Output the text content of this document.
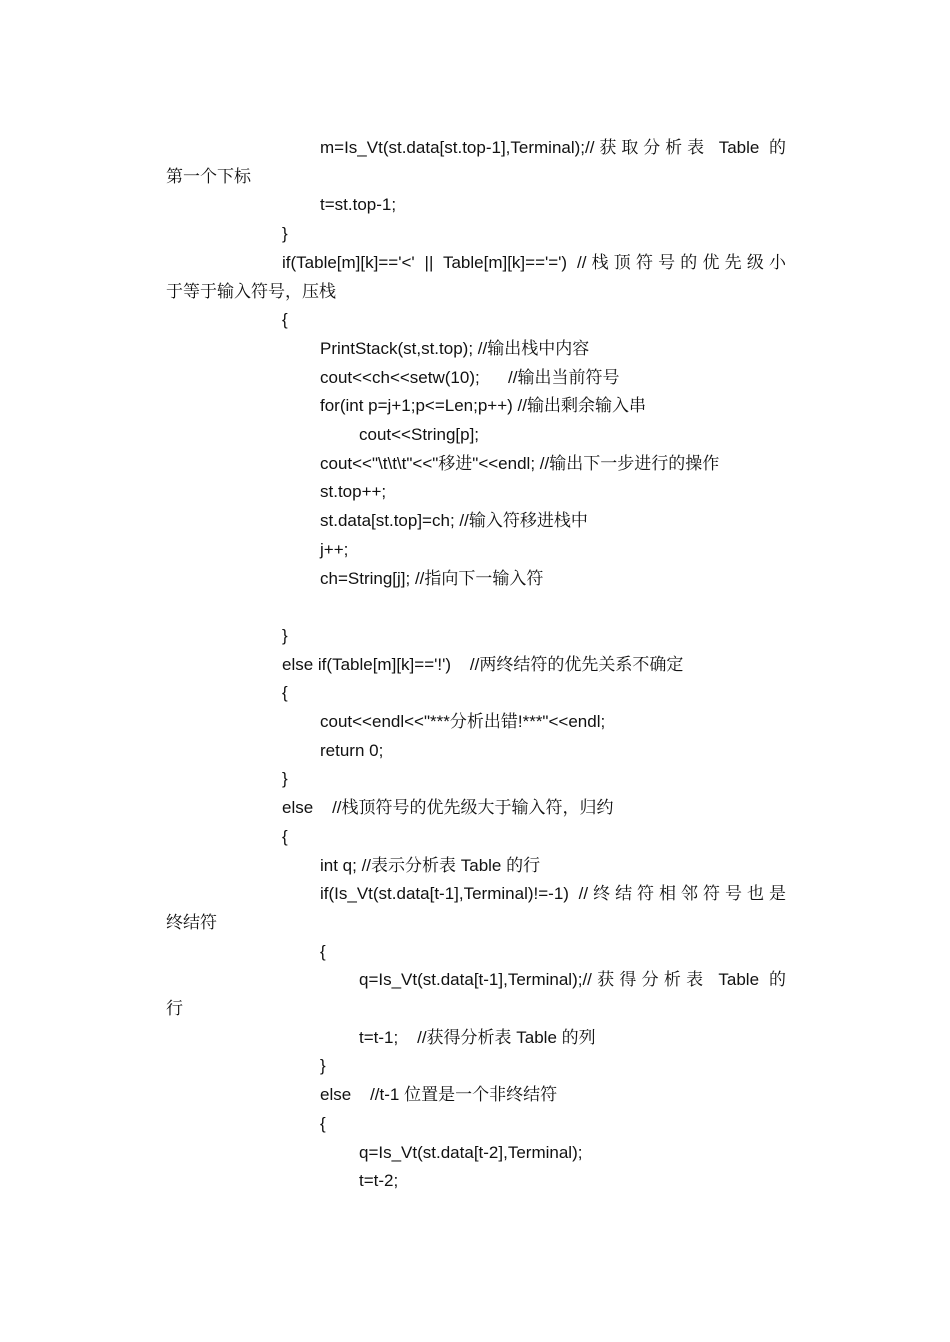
m=Is_Vt(st.data[st.top-1],Terminal);//获取分析表 Table 的
第一个下标
t=st.top-1;
}
if(Table[m][k]=='<' || Table[m][k]=='=') //栈顶符号的优先级小
于等于输入符号，压栈
{
PrintStack(st,st.top); //输出栈中内容
cout<<ch<<setw(10);      //输出当前符号
for(int p=j+1;p<=Len;p++) //输出剩余输入串
cout<<String[p];
cout<<"\t\t\t"<<"移进"<<endl; //输出下一步进行的操作
st.top++;
st.data[st.top]=ch; //输入符移进栈中
j++;
ch=String[j]; //指向下一输入符
}
else if(Table[m][k]=='!')    //两终结符的优先关系不确定
{
cout<<endl<<"***分析出错!***"<<endl;
return 0;
}
else    //栈顶符号的优先级大于输入符，归约
{
int q; //表示分析表 Table 的行
if(Is_Vt(st.data[t-1],Terminal)!=-1) //终结符相邻符号也是
终结符
{
q=Is_Vt(st.data[t-1],Terminal);//获得分析表 Table 的
行
t=t-1;    //获得分析表 Table 的列
}
else    //t-1 位置是一个非终结符
{
q=Is_Vt(st.data[t-2],Terminal);
t=t-2;
